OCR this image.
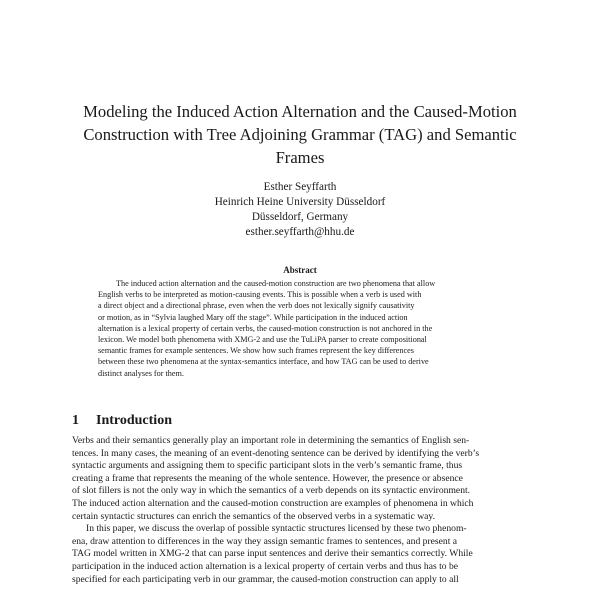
Modeling the Induced Action Alternation and the Caused-Motion
Construction with Tree Adjoining Grammar (TAG) and Semantic
Frames
Esther Seyffarth
Heinrich Heine University Düsseldorf
Düsseldorf, Germany
esther.seyffarth@hhu.de
Abstract
The induced action alternation and the caused-motion construction are two phenomena that allow
English verbs to be interpreted as motion-causing events. This is possible when a verb is used with
a direct object and a directional phrase, even when the verb does not lexically signify causativity
or motion, as in “Sylvia laughed Mary off the stage”. While participation in the induced action
alternation is a lexical property of certain verbs, the caused-motion construction is not anchored in the
lexicon. We model both phenomena with XMG-2 and use the TuLiPA parser to create compositional
semantic frames for example sentences. We show how such frames represent the key differences
between these two phenomena at the syntax-semantics interface, and how TAG can be used to derive
distinct analyses for them.
1 Introduction
Verbs and their semantics generally play an important role in determining the semantics of English sen-
tences. In many cases, the meaning of an event-denoting sentence can be derived by identifying the verb’s
syntactic arguments and assigning them to specific participant slots in the verb’s semantic frame, thus
creating a frame that represents the meaning of the whole sentence. However, the presence or absence
of slot fillers is not the only way in which the semantics of a verb depends on its syntactic environment.
The induced action alternation and the caused-motion construction are examples of phenomena in which
certain syntactic structures can enrich the semantics of the observed verbs in a systematic way.
In this paper, we discuss the overlap of possible syntactic structures licensed by these two phenom-
ena, draw attention to differences in the way they assign semantic frames to sentences, and present a
TAG model written in XMG-2 that can parse input sentences and derive their semantics correctly. While
participation in the induced action alternation is a lexical property of certain verbs and thus has to be
specified for each participating verb in our grammar, the caused-motion construction can apply to all
